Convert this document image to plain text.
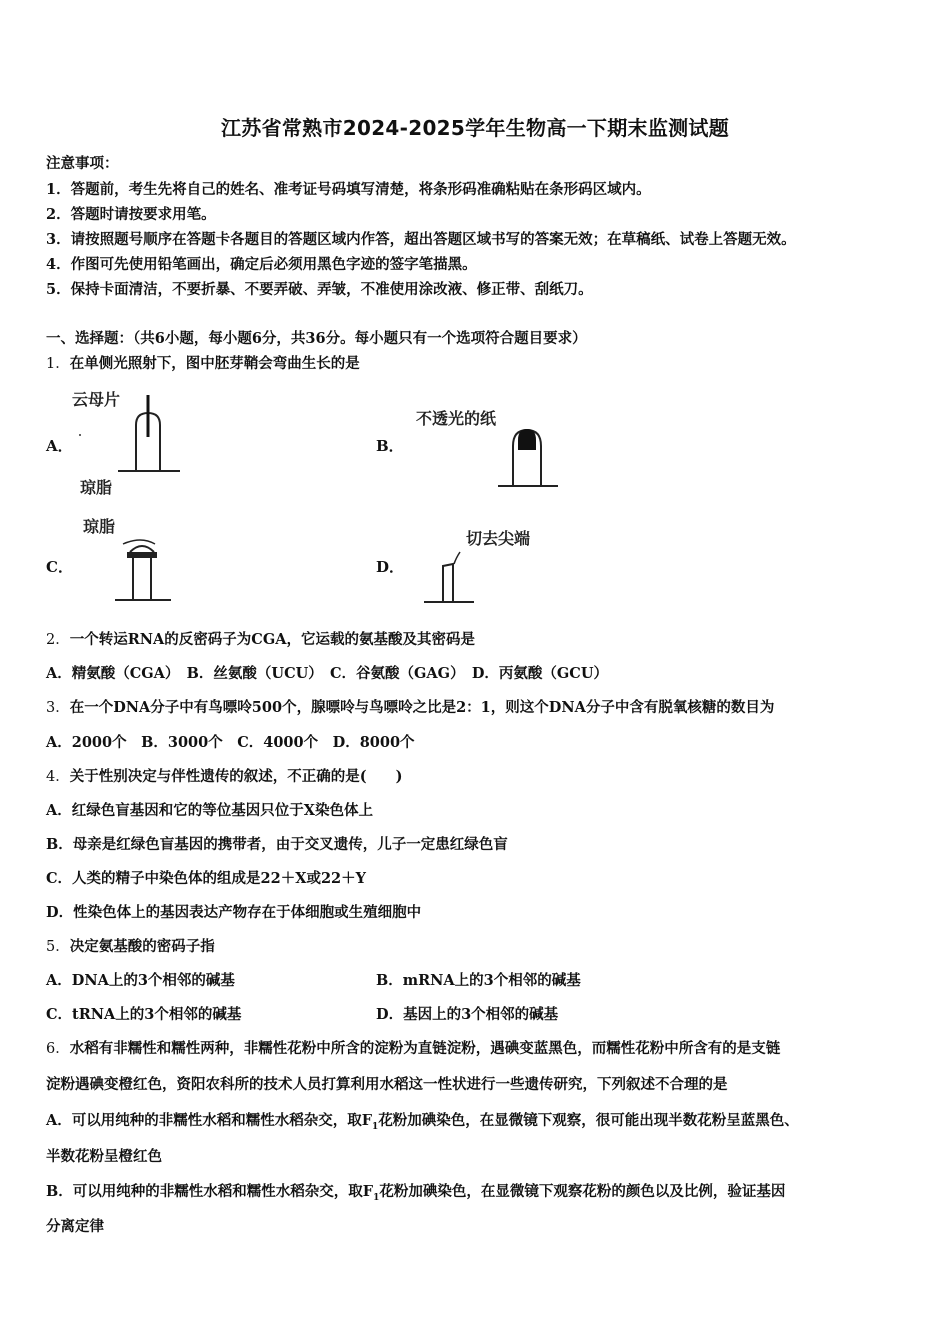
江苏省常熟市2024-2025学年生物高一下期末监测试题
注意事项：
1．答题前，考生先将自己的姓名、准考证号码填写清楚，将条形码准确粘贴在条形码区域内。
2．答题时请按要求用笔。
3．请按照题号顺序在答题卡各题目的答题区域内作答，超出答题区域书写的答案无效；在草稿纸、试卷上答题无效。
4．作图可先使用铅笔画出，确定后必须用黑色字迹的签字笔描黑。
5．保持卡面清洁，不要折暴、不要弄破、弄皱，不准使用涂改液、修正带、刮纸刀。
一、选择题：（共6小题，每小题6分，共36分。每小题只有一个选项符合题目要求）
1．在单侧光照射下，图中胚芽鞘会弯曲生长的是
A．
云母片
琼脂
B．
不透光的纸
C．
琼脂
D．
切去尖端
2．一个转运RNA的反密码子为CGA，它运载的氨基酸及其密码是
A．精氨酸（CGA）　B．丝氨酸（UCU）　C．谷氨酸（GAG）　D．丙氨酸（GCU）
3．在一个DNA分子中有鸟嘌呤500个，腺嘌呤与鸟嘌呤之比是2：1，则这个DNA分子中含有脱氧核糖的数目为
A．2000个　B．3000个　C．4000个　D．8000个
4．关于性别决定与伴性遗传的叙述，不正确的是(　　)
A．红绿色盲基因和它的等位基因只位于X染色体上
B．母亲是红绿色盲基因的携带者，由于交叉遗传，儿子一定患红绿色盲
C．人类的精子中染色体的组成是22＋X或22＋Y
D．性染色体上的基因表达产物存在于体细胞或生殖细胞中
5．决定氨基酸的密码子指
A．DNA上的3个相邻的碱基	B．mRNA上的3个相邻的碱基
C．tRNA上的3个相邻的碱基	D．基因上的3个相邻的碱基
6．水稻有非糯性和糯性两种，非糯性花粉中所含的淀粉为直链淀粉，遇碘变蓝黑色，而糯性花粉中所含有的是支链
淀粉遇碘变橙红色，资阳农科所的技术人员打算利用水稻这一性状进行一些遗传研究，下列叙述不合理的是
A．可以用纯种的非糯性水稻和糯性水稻杂交，取$F_1$花粉加碘染色，在显微镜下观察，很可能出现半数花粉呈蓝黑色、
半数花粉呈橙红色
B．可以用纯种的非糯性水稻和糯性水稻杂交，取$F_1$花粉加碘染色，在显微镜下观察花粉的颜色以及比例，验证基因
分离定律
